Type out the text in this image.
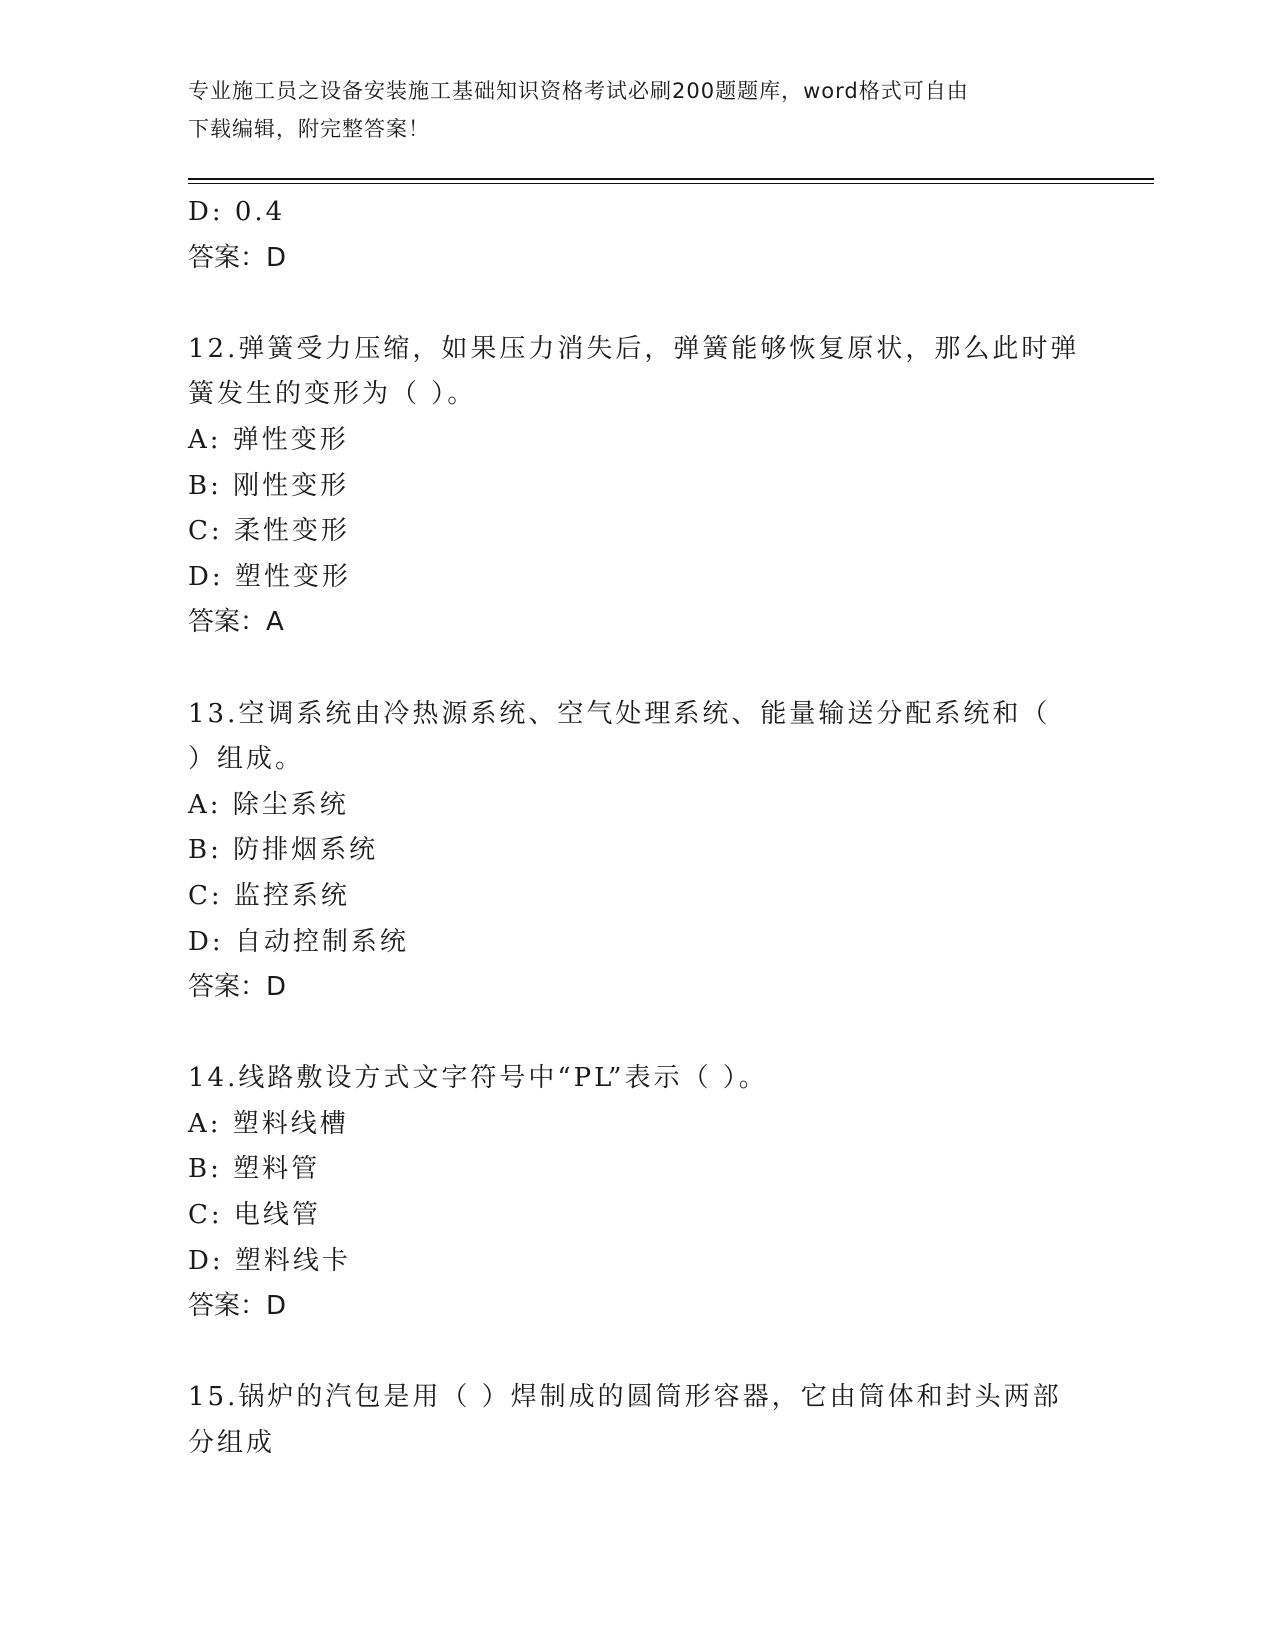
专业施工员之设备安装施工基础知识资格考试必刷200题题库，word格式可自由
下载编辑，附完整答案！
D: 0.4
答案：D
12.弹簧受力压缩，如果压力消失后，弹簧能够恢复原状，那么此时弹
簧发生的变形为（ ）。
A: 弹性变形
B: 刚性变形
C: 柔性变形
D: 塑性变形
答案：A
13.空调系统由冷热源系统、空气处理系统、能量输送分配系统和（
）组成。
A: 除尘系统
B: 防排烟系统
C: 监控系统
D: 自动控制系统
答案：D
14.线路敷设方式文字符号中“PL”表示（ ）。
A: 塑料线槽
B: 塑料管
C: 电线管
D: 塑料线卡
答案：D
15.锅炉的汽包是用（ ）焊制成的圆筒形容器，它由筒体和封头两部
分组成
